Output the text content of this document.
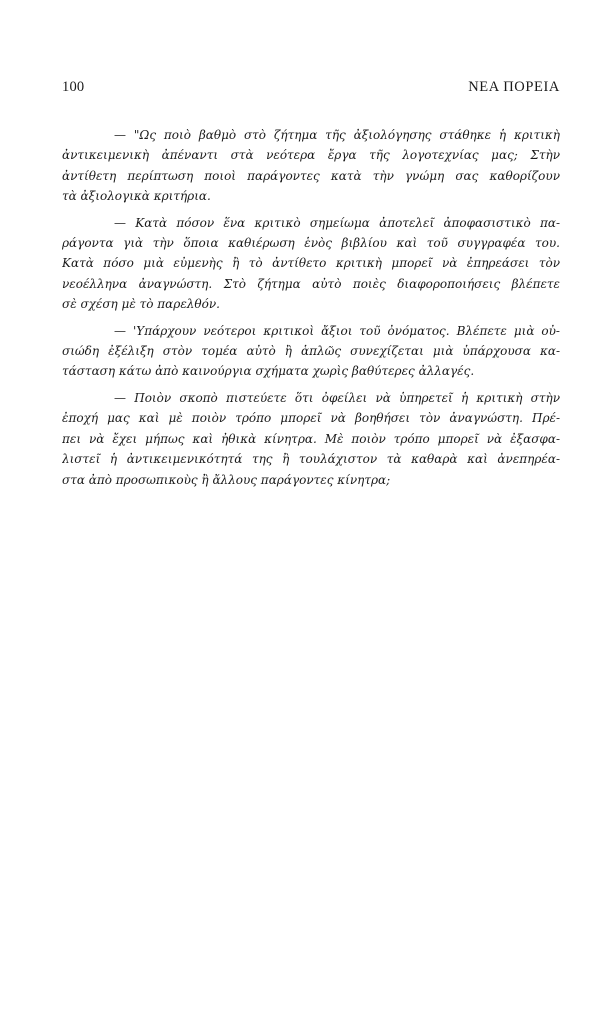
100	ΝΕΑ ΠΟΡΕΙΑ

— "Ως ποιὸ βαθμὸ στὸ ζήτημα τῆς ἀξιολόγησης στάθηκε ἡ κριτικὴ
ἀντικειμενικὴ ἀπέναντι στὰ νεότερα ἔργα τῆς λογοτεχνίας μας; Στὴν
ἀντίθετη περίπτωση ποιοὶ παράγοντες κατὰ τὴν γνώμη σας καθορίζουν
τὰ ἀξιολογικὰ κριτήρια.

— Κατὰ πόσον ἕνα κριτικὸ σημείωμα ἀποτελεῖ ἀποφασιστικὸ πα-
ράγοντα γιὰ τὴν ὅποια καθιέρωση ἑνὸς βιβλίου καὶ τοῦ συγγραφέα του.
Κατὰ πόσο μιὰ εὐμενὴς ἢ τὸ ἀντίθετο κριτικὴ μπορεῖ νὰ ἐπηρεάσει τὸν
νεοέλληνα ἀναγνώστη. Στὸ ζήτημα αὐτὸ ποιὲς διαφοροποιήσεις βλέπετε
σὲ σχέση μὲ τὸ παρελθόν.

— 'Υπάρχουν νεότεροι κριτικοὶ ἄξιοι τοῦ ὀνόματος. Βλέπετε μιὰ οὐ-
σιώδη ἐξέλιξη στὸν τομέα αὐτὸ ἢ ἁπλῶς συνεχίζεται μιὰ ὑπάρχουσα κα-
τάσταση κάτω ἀπὸ καινούργια σχήματα χωρὶς βαθύτερες ἀλλαγές.

— Ποιὸν σκοπὸ πιστεύετε ὅτι ὀφείλει νὰ ὑπηρετεῖ ἡ κριτικὴ στὴν
ἐποχή μας καὶ μὲ ποιὸν τρόπο μπορεῖ νὰ βοηθήσει τὸν ἀναγνώστη. Πρέ-
πει νὰ ἔχει μήπως καὶ ἠθικὰ κίνητρα. Μὲ ποιὸν τρόπο μπορεῖ νὰ ἐξασφα-
λιστεῖ ἡ ἀντικειμενικότητά της ἢ τουλάχιστον τὰ καθαρὰ καὶ ἀνεπηρέα-
στα ἀπὸ προσωπικοὺς ἢ ἄλλους παράγοντες κίνητρα;
